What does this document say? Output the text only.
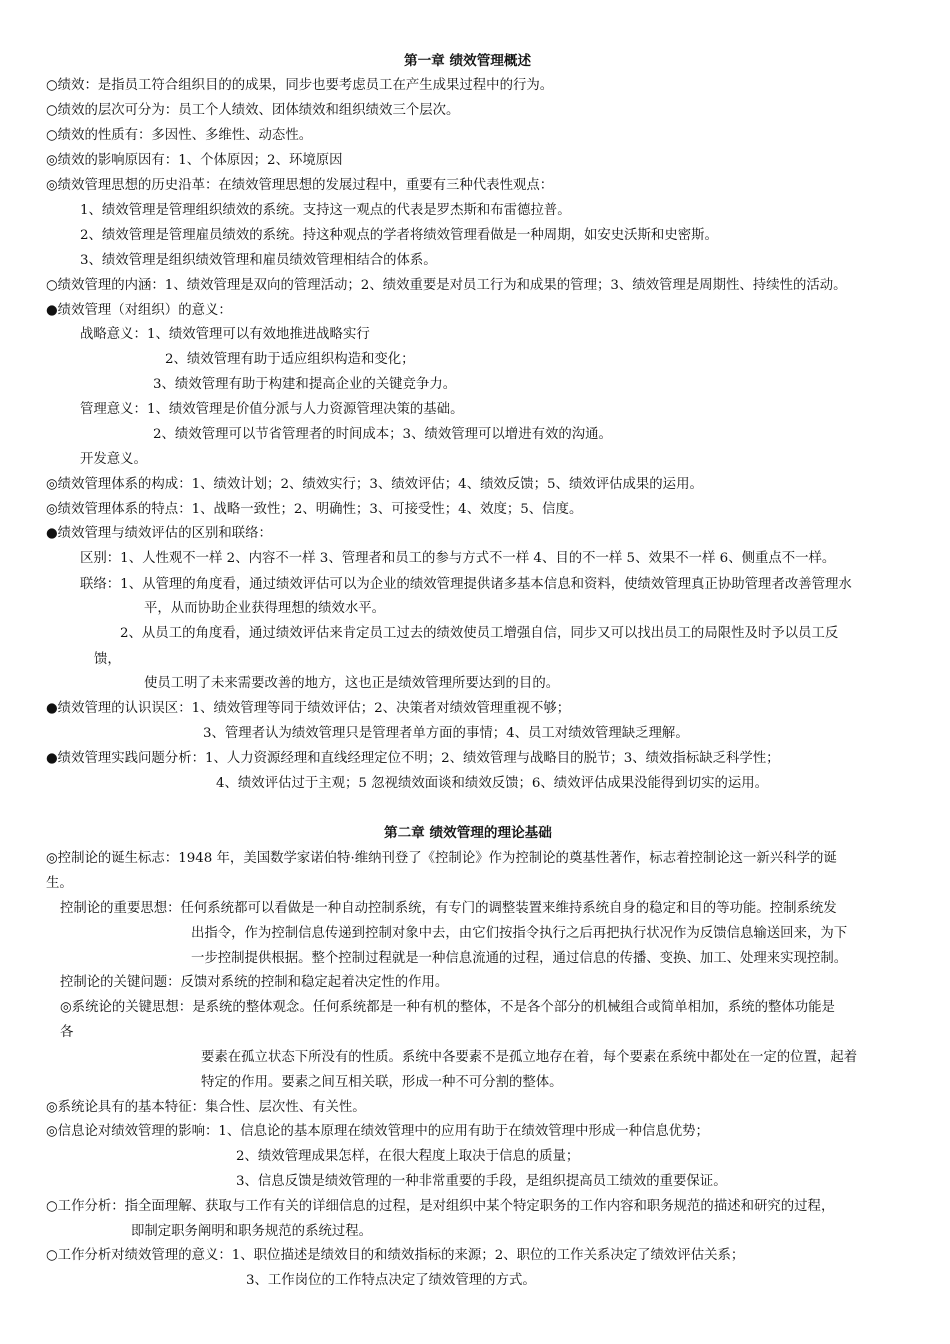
第一章 绩效管理概述
○绩效：是指员工符合组织目的的成果，同步也要考虑员工在产生成果过程中的行为。
○绩效的层次可分为：员工个人绩效、团体绩效和组织绩效三个层次。
○绩效的性质有：多因性、多维性、动态性。
◎绩效的影响原因有：1、个体原因；2、环境原因
◎绩效管理思想的历史沿革：在绩效管理思想的发展过程中，重要有三种代表性观点：
1、绩效管理是管理组织绩效的系统。支持这一观点的代表是罗杰斯和布雷德拉普。
2、绩效管理是管理雇员绩效的系统。持这种观点的学者将绩效管理看做是一种周期，如安史沃斯和史密斯。
3、绩效管理是组织绩效管理和雇员绩效管理相结合的体系。
○绩效管理的内涵：1、绩效管理是双向的管理活动；2、绩效重要是对员工行为和成果的管理；3、绩效管理是周期性、持续性的活动。
●绩效管理（对组织）的意义：
战略意义：1、绩效管理可以有效地推进战略实行
2、绩效管理有助于适应组织构造和变化；
3、绩效管理有助于构建和提高企业的关键竞争力。
管理意义：1、绩效管理是价值分派与人力资源管理决策的基础。
2、绩效管理可以节省管理者的时间成本；3、绩效管理可以增进有效的沟通。
开发意义。
◎绩效管理体系的构成：1、绩效计划；2、绩效实行；3、绩效评估；4、绩效反馈；5、绩效评估成果的运用。
◎绩效管理体系的特点：1、战略一致性；2、明确性；3、可接受性；4、效度；5、信度。
●绩效管理与绩效评估的区别和联络：
区别：1、人性观不一样 2、内容不一样 3、管理者和员工的参与方式不一样 4、目的不一样 5、效果不一样 6、侧重点不一样。
联络：1、从管理的角度看，通过绩效评估可以为企业的绩效管理提供诸多基本信息和资料，使绩效管理真正协助管理者改善管理水
平，从而协助企业获得理想的绩效水平。
2、从员工的角度看，通过绩效评估来肯定员工过去的绩效使员工增强自信，同步又可以找出员工的局限性及时予以员工反
馈，
使员工明了未来需要改善的地方，这也正是绩效管理所要达到的目的。
●绩效管理的认识误区：1、绩效管理等同于绩效评估；2、决策者对绩效管理重视不够；
3、管理者认为绩效管理只是管理者单方面的事情；4、员工对绩效管理缺乏理解。
●绩效管理实践问题分析：1、人力资源经理和直线经理定位不明；2、绩效管理与战略目的脱节；3、绩效指标缺乏科学性；
4、绩效评估过于主观；5 忽视绩效面谈和绩效反馈；6、绩效评估成果没能得到切实的运用。
第二章 绩效管理的理论基础
◎控制论的诞生标志：1948 年，美国数学家诺伯特·维纳刊登了《控制论》作为控制论的奠基性著作，标志着控制论这一新兴科学的诞
生。
控制论的重要思想：任何系统都可以看做是一种自动控制系统，有专门的调整装置来维持系统自身的稳定和目的等功能。控制系统发
出指令，作为控制信息传递到控制对象中去，由它们按指令执行之后再把执行状况作为反馈信息输送回来，为下
一步控制提供根据。整个控制过程就是一种信息流通的过程，通过信息的传播、变换、加工、处理来实现控制。
控制论的关键问题：反馈对系统的控制和稳定起着决定性的作用。
◎系统论的关键思想：是系统的整体观念。任何系统都是一种有机的整体，不是各个部分的机械组合或简单相加，系统的整体功能是
各
要素在孤立状态下所没有的性质。系统中各要素不是孤立地存在着，每个要素在系统中都处在一定的位置，起着
特定的作用。要素之间互相关联，形成一种不可分割的整体。
◎系统论具有的基本特征：集合性、层次性、有关性。
◎信息论对绩效管理的影响：1、信息论的基本原理在绩效管理中的应用有助于在绩效管理中形成一种信息优势；
2、绩效管理成果怎样，在很大程度上取决于信息的质量；
3、信息反馈是绩效管理的一种非常重要的手段，是组织提高员工绩效的重要保证。
○工作分析：指全面理解、获取与工作有关的详细信息的过程，是对组织中某个特定职务的工作内容和职务规范的描述和研究的过程，
即制定职务阐明和职务规范的系统过程。
○工作分析对绩效管理的意义：1、职位描述是绩效目的和绩效指标的来源；2、职位的工作关系决定了绩效评估关系；
3、工作岗位的工作特点决定了绩效管理的方式。
